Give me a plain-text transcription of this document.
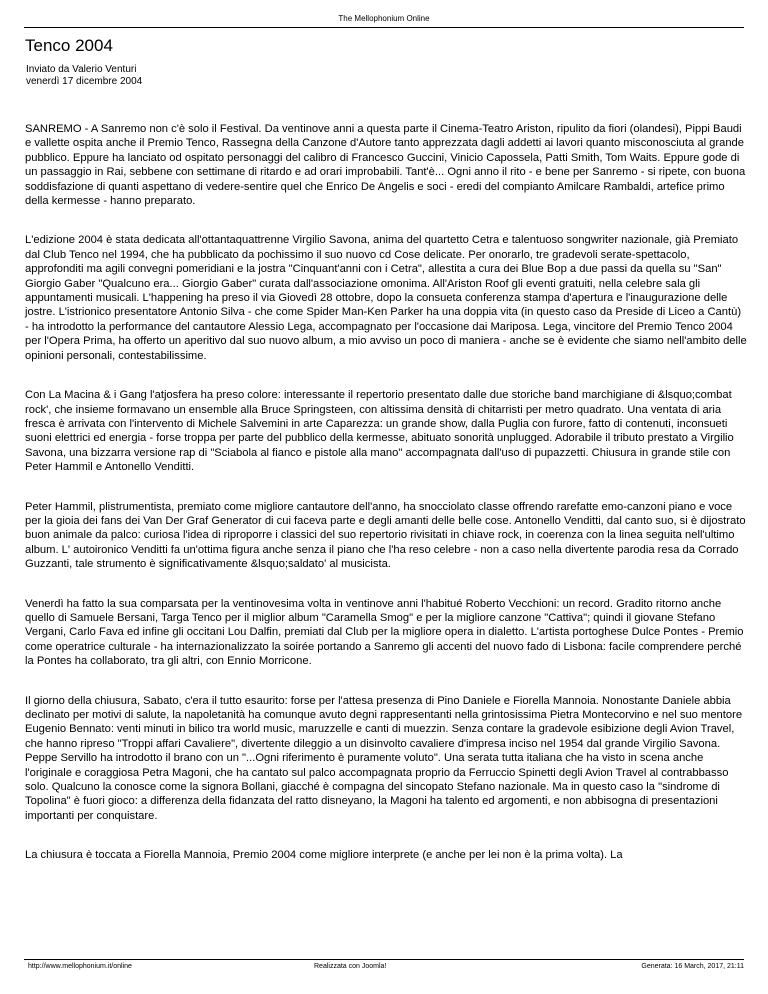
The Mellophonium Online
Tenco 2004
Inviato da Valerio Venturi
venerdì 17 dicembre 2004

SANREMO - A Sanremo non c'è solo il Festival. Da ventinove anni a questa parte il Cinema-Teatro Ariston, ripulito da fiori (olandesi), Pippi Baudi e vallette ospita anche il Premio Tenco, Rassegna della Canzone d'Autore tanto apprezzata dagli addetti ai lavori quanto misconosciuta al grande pubblico. Eppure ha lanciato od ospitato personaggi del calibro di Francesco Guccini, Vinicio Capossela, Patti Smith, Tom Waits. Eppure gode di un passaggio in Rai, sebbene con settimane di ritardo e ad orari improbabili. Tant'è... Ogni anno il rito - e bene per Sanremo - si ripete, con buona soddisfazione di quanti aspettano di vedere-sentire quel che Enrico De Angelis e soci - eredi del compianto Amilcare Rambaldi, artefice primo della kermesse - hanno preparato.

L'edizione 2004 è stata dedicata all'ottantaquattrenne Virgilio Savona, anima del quartetto Cetra e talentuoso songwriter nazionale, già Premiato dal Club Tenco nel 1994, che ha pubblicato da pochissimo il suo nuovo cd Cose delicate. Per onorarlo, tre gradevoli serate-spettacolo, approfonditi ma agili convegni pomeridiani e la jostra "Cinquant'anni con i Cetra", allestita a cura dei Blue Bop a due passi da quella su "San" Giorgio Gaber "Qualcuno era... Giorgio Gaber" curata dall'associazione omonima. All'Ariston Roof gli eventi gratuiti, nella celebre sala gli appuntamenti musicali. L'happening ha preso il via Giovedì 28 ottobre, dopo la consueta conferenza stampa d'apertura e l'inaugurazione delle jostre. L'istrionico presentatore Antonio Silva - che come Spider Man-Ken Parker ha una doppia vita (in questo caso da Preside di Liceo a Cantù) - ha introdotto la performance del cantautore Alessio Lega, accompagnato per l'occasione dai Mariposa. Lega, vincitore del Premio Tenco 2004 per l'Opera Prima, ha offerto un aperitivo dal suo nuovo album, a mio avviso un poco di maniera - anche se è evidente che siamo nell'ambito delle opinioni personali, contestabilissime.

Con La Macina & i Gang l'atjosfera ha preso colore: interessante il repertorio presentato dalle due storiche band marchigiane di &lsquo;combat rock', che insieme formavano un ensemble alla Bruce Springsteen, con altissima densità di chitarristi per metro quadrato. Una ventata di aria fresca è arrivata con l'intervento di Michele Salvemini in arte Caparezza: un grande show, dalla Puglia con furore, fatto di contenuti, inconsueti suoni elettrici ed energia - forse troppa per parte del pubblico della kermesse, abituato sonorità unplugged. Adorabile il tributo prestato a Virgilio Savona, una bizzarra versione rap di "Sciabola al fianco e pistole alla mano" accompagnata dall'uso di pupazzetti. Chiusura in grande stile con Peter Hammil e Antonello Venditti.

Peter Hammil, plistrumentista, premiato come migliore cantautore dell'anno, ha snocciolato classe offrendo rarefatte emo-canzoni piano e voce per la gioia dei fans dei Van Der Graf Generator di cui faceva parte e degli amanti delle belle cose. Antonello Venditti, dal canto suo, si è dijostrato buon animale da palco: curiosa l'idea di riproporre i classici del suo repertorio rivisitati in chiave rock, in coerenza con la linea seguita nell'ultimo album. L' autoironico Venditti fa un'ottima figura anche senza il piano che l'ha reso celebre - non a caso nella divertente parodia resa da Corrado Guzzanti, tale strumento è significativamente &lsquo;saldato' al musicista.

Venerdì ha fatto la sua comparsata per la ventinovesima volta in ventinove anni l'habitué Roberto Vecchioni: un record. Gradito ritorno anche quello di Samuele Bersani, Targa Tenco per il miglior album "Caramella Smog" e per la migliore canzone "Cattiva"; quindi il giovane Stefano Vergani, Carlo Fava ed infine gli occitani Lou Dalfin, premiati dal Club per la migliore opera in dialetto. L'artista portoghese Dulce Pontes - Premio come operatrice culturale - ha internazionalizzato la soirée portando a Sanremo gli accenti del nuovo fado di Lisbona: facile comprendere perché la Pontes ha collaborato, tra gli altri, con Ennio Morricone.

Il giorno della chiusura, Sabato, c'era il tutto esaurito: forse per l'attesa presenza di Pino Daniele e Fiorella Mannoia. Nonostante Daniele abbia declinato per motivi di salute, la napoletanità ha comunque avuto degni rappresentanti nella grintosissima Pietra Montecorvino e nel suo mentore Eugenio Bennato: venti minuti in bilico tra world music, maruzzelle e canti di muezzin. Senza contare la gradevole esibizione degli Avion Travel, che hanno ripreso "Troppi affari Cavaliere", divertente dileggio a un disinvolto cavaliere d'impresa inciso nel 1954 dal grande Virgilio Savona. Peppe Servillo ha introdotto il brano con un "...Ogni riferimento è puramente voluto". Una serata tutta italiana che ha visto in scena anche l'originale e coraggiosa Petra Magoni, che ha cantato sul palco accompagnata proprio da Ferruccio Spinetti degli Avion Travel al contrabbasso solo. Qualcuno la conosce come la signora Bollani, giacché è compagna del sincopato Stefano nazionale. Ma in questo caso la "sindrome di Topolina" è fuori gioco: a differenza della fidanzata del ratto disneyano, la Magoni ha talento ed argomenti, e non abbisogna di presentazioni importanti per conquistare.

La chiusura è toccata a Fiorella Mannoia, Premio 2004 come migliore interprete (e anche per lei non è la prima volta). La

http://www.mellophonium.it/online	Realizzata con Joomla!	Generata: 16 March, 2017, 21:11
